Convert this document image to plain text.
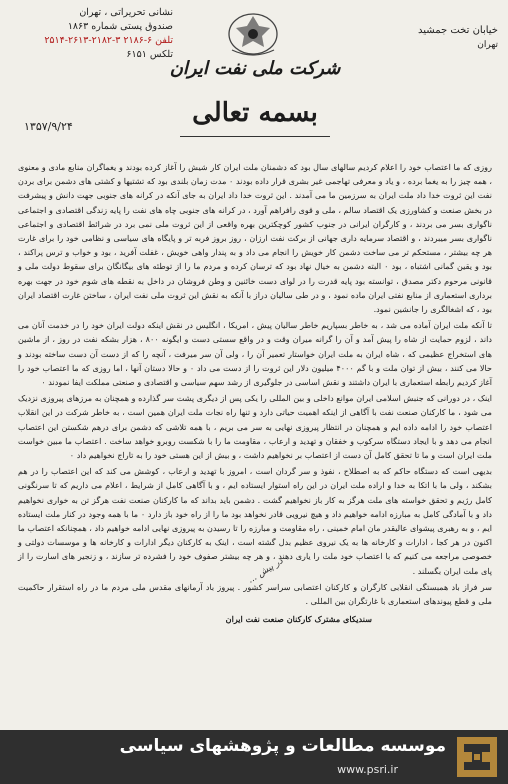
نشانی تحریراتی ، تهران
صندوق پستی شماره ۱۸۶۳
تلفن ۶-۲۱۸۶ ۳-۲۱۸۲-۲۶۱۳-۲۵۱۴
تلکس ۶۱۵۱
شرکت ملی نفت ایران
خیابان تخت جمشید
تهران
۱۳۵۷/۹/۲۴	بسمه تعالی

روزی که ما اعتصاب خود را اعلام کردیم سالهای سال بود که دشمنان ملت ایران کار شیش را آغاز کرده بودند و یغماگران منابع مادی و معنوی ، همه چیز را به یغما برده ، و یاد و معرفی تهاجمی غیر بشری قرار داده بودند ۰ مدت زمان بلندی بود که تشتیها و کشتی های دشمن برای بردن نفت این ثروت خدا داد ملت ایران به سرزمین ما می آمدند . این ثروت خدا داد ایران به جای آنکه در کرانه های جنوبی جهت دانش و پیشرفت در بخش صنعت و کشاورزی یک اقتصاد سالم ، ملی و قوی رافراهم آورد ، در کرانه های جنوبی چاه های نفت را پایه زندگی اقتصادی و اجتماعی ناگواری بسر می بردند ، و کارگران ایرانی در جنوب کشور کوچکترین بهره واقعی از این ثروت ملی نمی برد در شرائط اقتصادی و اجتماعی ناگواری بسر میبردند ، و اقتصاد سرمایه داری جهانی از برکت نفت ارزان ، روز بروز فربه تر و پایگاه های سیاسی و نظامی خود را برای غارت هر چه بیشتر ، مستحکم تر می ساخت دشمن کار خویش را انجام می داد و به پندار واهی خویش ، غفلت آفرید ، بود و خواب و ترس پراکند ، بود و یقین گمانی اشتباه ، بود ۰ البته دشمن به خیال نهاد بود که ترسان کرده و مردم ما را از توطئه های بیگانگان برای سقوط دولت ملی و قانونی مرحوم دکتر مصدق ، توانسته بود پایه قدرت را در لوای دست خائنین و وطن فروشان در داخل به نقطه های شوم خود در جهت بهره برداری استعماری از منابع نفتی ایران ماده نمود ، و در طی سالیان دراز با آنکه به نقش این ثروت ملی نفت ایران ، ساختن غارت اقتصاد ایران بود ، که اشغالگری را جانشین نمود.

تا آنکه ملت ایران آماده می شد ، به خاطر بسپاریم خاطر سالیان پیش ، امریکا ، انگلیس در نقش اینکه دولت ایران خود را در خدمت آنان می داند ، لزوم حمایت از شاه را پیش آمد و آن را گرانه میران وقت و در واقع سستی دست و ایگونه ۸۰۰ ، هزار بشکه نفت در روز ، از ماشین های استخراج عظیمی که ، شاه ایران به ملت ایران خواستار تعمیر آن را ، ولی آن سر میرفت ، آنچه را که از دست آن دست ساخته بودند و حالا می کنند ، بیش از توان ملت و با گم ۴۰۰۰ میلیون دلار این ثروت را از دست می داد ۰ و حالا دستان آنها ، اما روزی که ما اعتصاب خود را آغاز کردیم رابطه استعماری با ایران داشتند و نقش اساسی در جلوگیری از رشد سهم سیاسی و اقتصادی و صنعتی مملکت ایفا نمودند ۰

اینک ، در دورانی که جنبش اسلامی ایران موانع داخلی و بین المللی را یکی پس از دیگری پشت سر گذارده و همچنان به مرزهای پیروزی نزدیک می شود ، ما کارکنان صنعت نفت با آگاهی از اینکه اهمیت حیاتی دارد و تنها راه نجات ملت ایران همین است ، به خاطر شرکت در این انقلاب اعتصاب خود را ادامه داده ایم و همچنان در انتظار پیروزی نهایی به سر می بریم ، با همه تلاشی که دشمن برای درهم شکستن این اعتصاب انجام می دهد و با ایجاد دستگاه سرکوب و خفقان و تهدید و ارعاب ، مقاومت ما را با شکست روبرو خواهد ساخت . اعتصاب ما مبین خواست ملت ایران است و ما تا تحقق کامل آن دست از اعتصاب بر نخواهیم داشت ، و بیش از این هستی خود را به تاراج نخواهیم داد ۰

بدیهی است که دستگاه حاکم که به اصطلاح ، نفوذ و سر گردان است ، امروز با تهدید و ارعاب ، کوشش می کند که این اعتصاب را در هم بشکند ، ولی ما با اتکا به خدا و اراده ملت ایران در این راه استوار ایستاده ایم ، و با آگاهی کامل از شرایط ، اعلام می داریم که تا سرنگونی کامل رژیم و تحقق خواسته های ملت هرگز به کار باز نخواهیم گشت . دشمن باید بداند که ما کارکنان صنعت نفت هرگز تن به خواری نخواهیم داد و با آمادگی کامل به مبارزه ادامه خواهیم داد و هیچ نیرویی قادر نخواهد بود ما را از راه خود باز دارد ۰ ما با همه وجود در کنار ملت ایستاده ایم ، و به رهبری پیشوای عالیقدر مان امام خمینی ، راه مقاومت و مبارزه را تا رسیدن به پیروزی نهایی ادامه خواهیم داد ، همچنانکه اعتصاب ما اکنون در هر کجا ، ادارات و کارخانه ها به یک نیروی عظیم بدل گشته است ، اینک به کارکنان دیگر ادارات و کارخانه ها و موسسات دولتی و خصوصی مراجعه می کنیم که با اعتصاب خود ملت را یاری دهند ، و هر چه بیشتر صفوف خود را فشرده تر سازند ، و زنجیر های اسارت را از پای ملت ایران بگسلند .

سر فراز باد همبستگی انقلابی کارگران و کارکنان اعتصابی سراسر کشور . پیروز باد آرمانهای مقدس ملی مردم ما در راه استقرار حاکمیت ملی و قطع پیوندهای استعماری با غارتگران بین المللی .

سندیکای مشترک کارکنان صنعت نفت ایران

در پیش ...
موسسه مطالعات و پژوهشهای سیاسی
www.psri.ir
